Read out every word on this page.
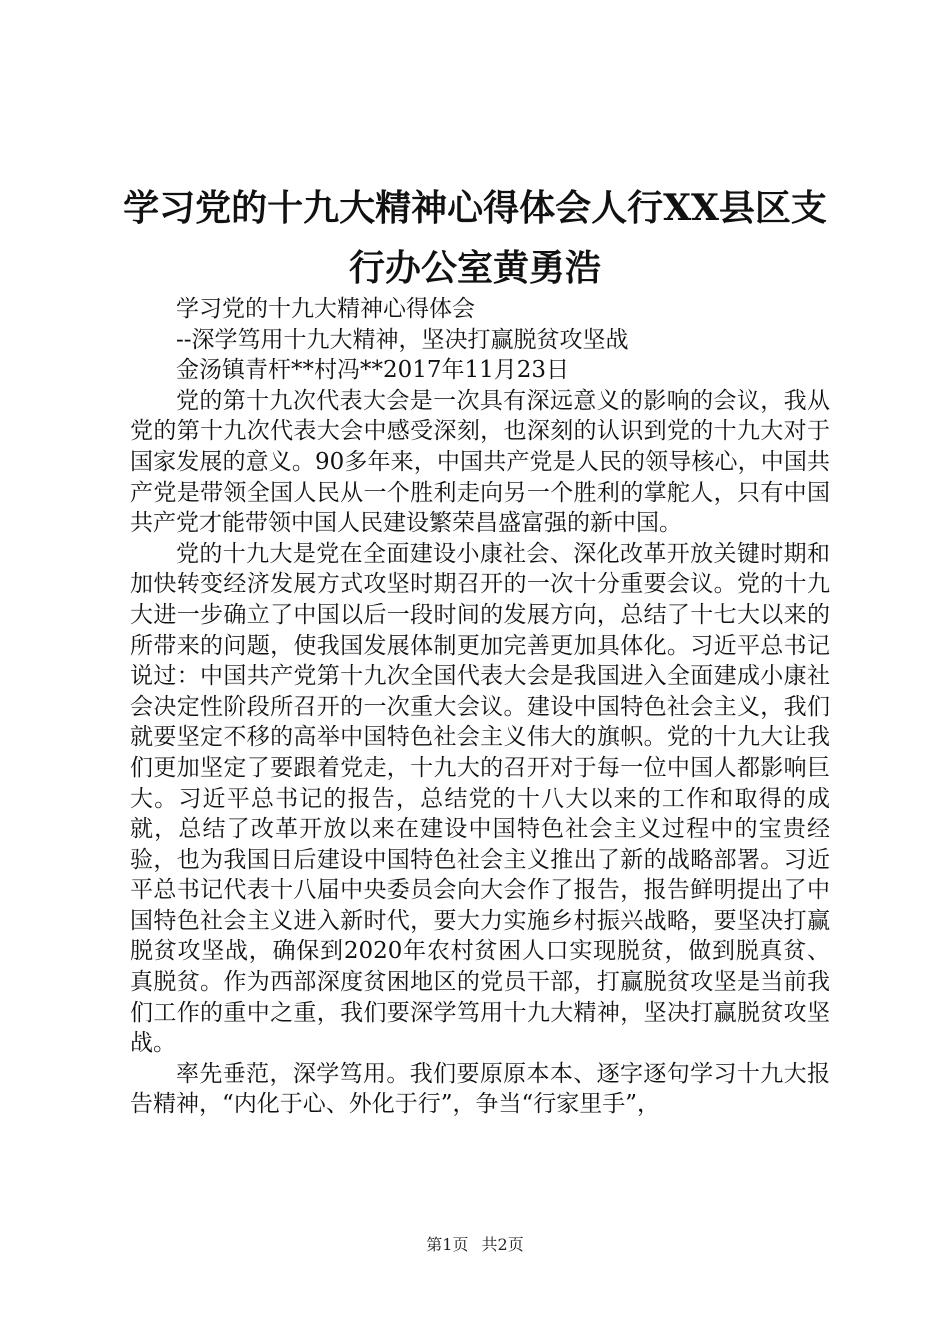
学习党的十九大精神心得体会人行XX县区支
行办公室黄勇浩

学习党的十九大精神心得体会

--深学笃用十九大精神，坚决打赢脱贫攻坚战

金汤镇青杆**村冯**2017年11月23日

党的第十九次代表大会是一次具有深远意义的影响的会议，我从党的第十九次代表大会中感受深刻，也深刻的认识到党的十九大对于国家发展的意义。90多年来，中国共产党是人民的领导核心，中国共产党是带领全国人民从一个胜利走向另一个胜利的掌舵人，只有中国共产党才能带领中国人民建设繁荣昌盛富强的新中国。

党的十九大是党在全面建设小康社会、深化改革开放关键时期和加快转变经济发展方式攻坚时期召开的一次十分重要会议。党的十九大进一步确立了中国以后一段时间的发展方向，总结了十七大以来的所带来的问题，使我国发展体制更加完善更加具体化。习近平总书记说过：中国共产党第十九次全国代表大会是我国进入全面建成小康社会决定性阶段所召开的一次重大会议。建设中国特色社会主义，我们就要坚定不移的高举中国特色社会主义伟大的旗帜。党的十九大让我们更加坚定了要跟着党走，十九大的召开对于每一位中国人都影响巨大。习近平总书记的报告，总结党的十八大以来的工作和取得的成就，总结了改革开放以来在建设中国特色社会主义过程中的宝贵经验，也为我国日后建设中国特色社会主义推出了新的战略部署。习近平总书记代表十八届中央委员会向大会作了报告，报告鲜明提出了中国特色社会主义进入新时代，要大力实施乡村振兴战略，要坚决打赢脱贫攻坚战，确保到2020年农村贫困人口实现脱贫，做到脱真贫、真脱贫。作为西部深度贫困地区的党员干部，打赢脱贫攻坚是当前我们工作的重中之重，我们要深学笃用十九大精神，坚决打赢脱贫攻坚战。

率先垂范，深学笃用。我们要原原本本、逐字逐句学习十九大报告精神，“内化于心、外化于行”，争当“行家里手”，

第1页 共2页
